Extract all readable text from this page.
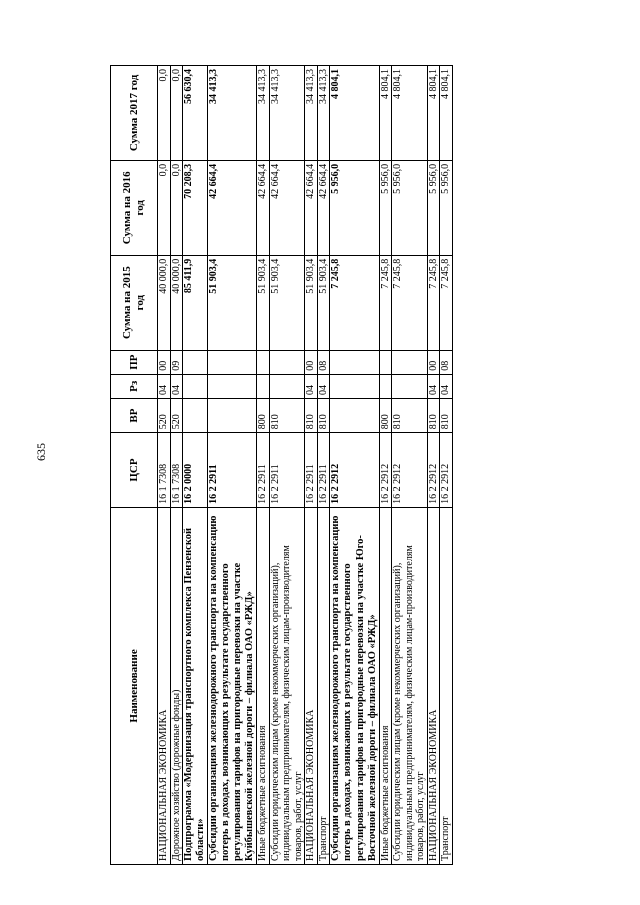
635
Наименование	ЦСР	ВР	Рз	ПР	Сумма на 2015 год	Сумма на 2016 год	Сумма 2017 год
НАЦИОНАЛЬНАЯ ЭКОНОМИКА	16 1 7308	520	04	00	40 000,0	0,0	0,0
Дорожное хозяйство (дорожные фонды)	16 1 7308	520	04	09	40 000,0	0,0	0,0
Подпрограмма «Модернизация транспортного комплекса Пензенской области»	16 2 0000				85 411,9	70 208,3	56 630,4
Субсидии организациям железнодорожного транспорта на компенсацию потерь в доходах, возникающих в результате государственного регулирования тарифов на пригородные перевозки на участке Куйбышевской железной дороги – филиала ОАО «РЖД»	16 2 2911				51 903,4	42 664,4	34 413,3
Иные бюджетные ассигнования	16 2 2911	800			51 903,4	42 664,4	34 413,3
Субсидии юридическим лицам (кроме некоммерческих организаций), индивидуальным предпринимателям, физическим лицам-производителям товаров, работ, услуг	16 2 2911	810			51 903,4	42 664,4	34 413,3
НАЦИОНАЛЬНАЯ ЭКОНОМИКА	16 2 2911	810	04	00	51 903,4	42 664,4	34 413,3
Транспорт	16 2 2911	810	04	08	51 903,4	42 664,4	34 413,3
Субсидии организациям железнодорожного транспорта на компенсацию потерь в доходах, возникающих в результате государственного регулирования тарифов на пригородные перевозки на участке Юго-Восточной железной дороги – филиала ОАО «РЖД»	16 2 2912				7 245,8	5 956,0	4 804,1
Иные бюджетные ассигнования	16 2 2912	800			7 245,8	5 956,0	4 804,1
Субсидии юридическим лицам (кроме некоммерческих организаций), индивидуальным предпринимателям, физическим лицам-производителям товаров, работ, услуг	16 2 2912	810			7 245,8	5 956,0	4 804,1
НАЦИОНАЛЬНАЯ ЭКОНОМИКА	16 2 2912	810	04	00	7 245,8	5 956,0	4 804,1
Транспорт	16 2 2912	810	04	08	7 245,8	5 956,0	4 804,1
